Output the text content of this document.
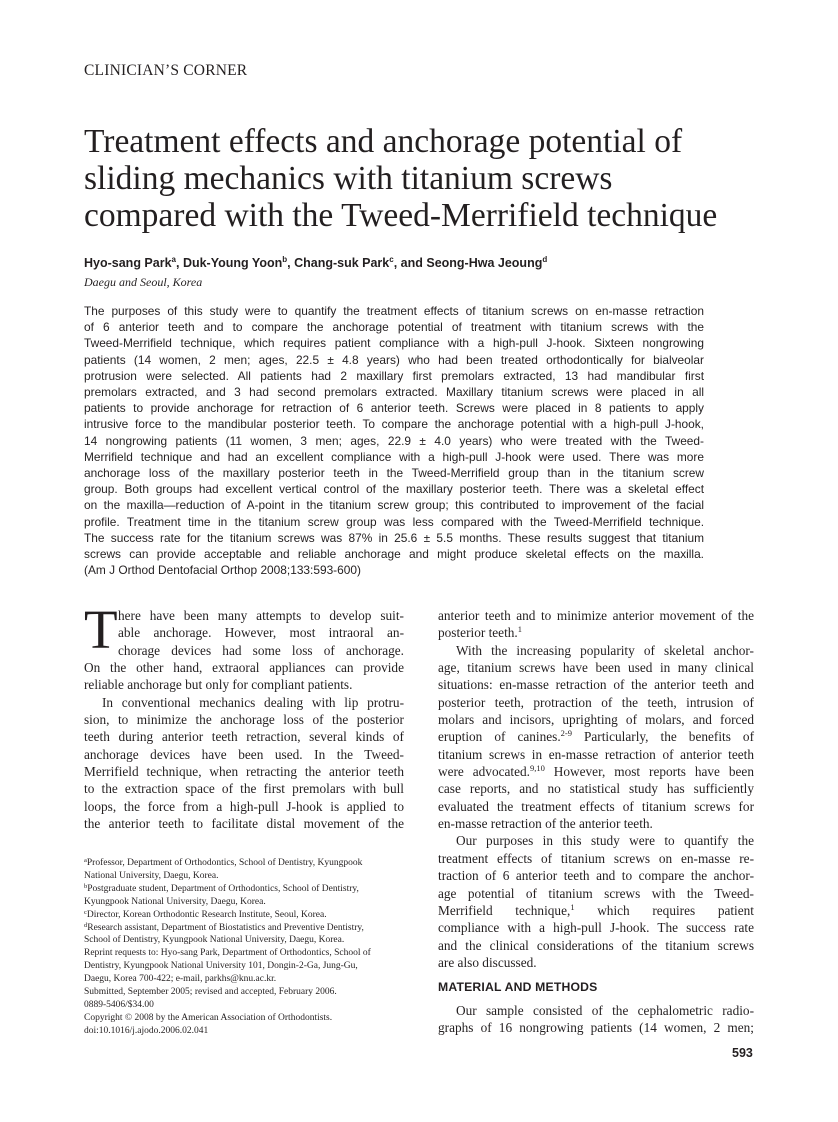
CLINICIAN’S CORNER
Treatment effects and anchorage potential of
sliding mechanics with titanium screws
compared with the Tweed-Merrifield technique
Hyo-sang Park$^a$, Duk-Young Yoon$^b$, Chang-suk Park$^c$, and Seong-Hwa Jeoung$^d$
Daegu and Seoul, Korea
The purposes of this study were to quantify the treatment effects of titanium screws on en-masse retraction
of 6 anterior teeth and to compare the anchorage potential of treatment with titanium screws with the
Tweed-Merrifield technique, which requires patient compliance with a high-pull J-hook. Sixteen nongrowing
patients (14 women, 2 men; ages, 22.5 ± 4.8 years) who had been treated orthodontically for bialveolar
protrusion were selected. All patients had 2 maxillary first premolars extracted, 13 had mandibular first
premolars extracted, and 3 had second premolars extracted. Maxillary titanium screws were placed in all
patients to provide anchorage for retraction of 6 anterior teeth. Screws were placed in 8 patients to apply
intrusive force to the mandibular posterior teeth. To compare the anchorage potential with a high-pull J-hook,
14 nongrowing patients (11 women, 3 men; ages, 22.9 ± 4.0 years) who were treated with the Tweed-
Merrifield technique and had an excellent compliance with a high-pull J-hook were used. There was more
anchorage loss of the maxillary posterior teeth in the Tweed-Merrifield group than in the titanium screw
group. Both groups had excellent vertical control of the maxillary posterior teeth. There was a skeletal effect
on the maxilla—reduction of A-point in the titanium screw group; this contributed to improvement of the facial
profile. Treatment time in the titanium screw group was less compared with the Tweed-Merrifield technique.
The success rate for the titanium screws was 87% in 25.6 ± 5.5 months. These results suggest that titanium
screws can provide acceptable and reliable anchorage and might produce skeletal effects on the maxilla.
(Am J Orthod Dentofacial Orthop 2008;133:593-600)
T here have been many attempts to develop suit-
able anchorage. However, most intraoral an-
chorage devices had some loss of anchorage.
On the other hand, extraoral appliances can provide
reliable anchorage but only for compliant patients.
In conventional mechanics dealing with lip protru-
sion, to minimize the anchorage loss of the posterior
teeth during anterior teeth retraction, several kinds of
anchorage devices have been used. In the Tweed-
Merrifield technique, when retracting the anterior teeth
to the extraction space of the first premolars with bull
loops, the force from a high-pull J-hook is applied to
the anterior teeth to facilitate distal movement of the
$^a$Professor, Department of Orthodontics, School of Dentistry, Kyungpook
National University, Daegu, Korea.
$^b$Postgraduate student, Department of Orthodontics, School of Dentistry,
Kyungpook National University, Daegu, Korea.
$^c$Director, Korean Orthodontic Research Institute, Seoul, Korea.
$^d$Research assistant, Department of Biostatistics and Preventive Dentistry,
School of Dentistry, Kyungpook National University, Daegu, Korea.
Reprint requests to: Hyo-sang Park, Department of Orthodontics, School of
Dentistry, Kyungpook National University 101, Dongin-2-Ga, Jung-Gu,
Daegu, Korea 700-422; e-mail, parkhs@knu.ac.kr.
Submitted, September 2005; revised and accepted, February 2006.
0889-5406/$34.00
Copyright © 2008 by the American Association of Orthodontists.
doi:10.1016/j.ajodo.2006.02.041
anterior teeth and to minimize anterior movement of the
posterior teeth.$^1$
With the increasing popularity of skeletal anchor-
age, titanium screws have been used in many clinical
situations: en-masse retraction of the anterior teeth and
posterior teeth, protraction of the teeth, intrusion of
molars and incisors, uprighting of molars, and forced
eruption of canines.$^{2-9}$ Particularly, the benefits of
titanium screws in en-masse retraction of anterior teeth
were advocated.$^{9,10}$ However, most reports have been
case reports, and no statistical study has sufficiently
evaluated the treatment effects of titanium screws for
en-masse retraction of the anterior teeth.
Our purposes in this study were to quantify the
treatment effects of titanium screws on en-masse re-
traction of 6 anterior teeth and to compare the anchor-
age potential of titanium screws with the Tweed-
Merrifield technique,$^1$ which requires patient
compliance with a high-pull J-hook. The success rate
and the clinical considerations of the titanium screws
are also discussed.
MATERIAL AND METHODS
Our sample consisted of the cephalometric radio-
graphs of 16 nongrowing patients (14 women, 2 men;
593
